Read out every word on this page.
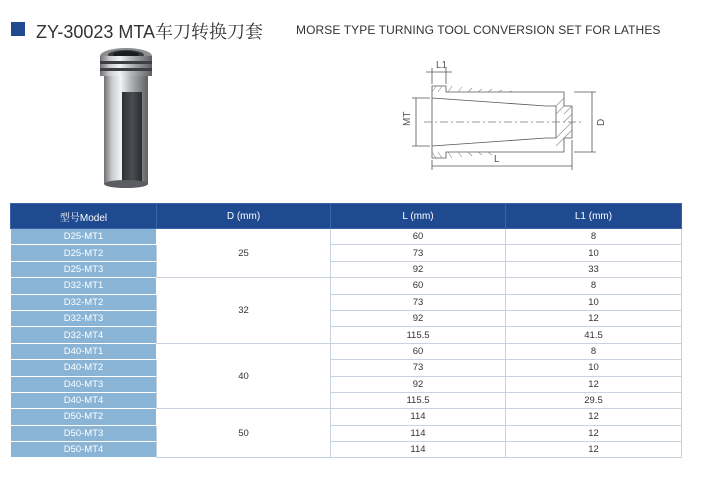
ZY-30023 MTA车刀转换刀套	MORSE TYPE TURNING TOOL CONVERSION SET FOR LATHES
L1
L
MT	D
型号Model	D (mm)	L (mm)	L1 (mm)
D25-MT1	25	60	8
D25-MT2		73	10
D25-MT3		92	33
D32-MT1	32	60	8
D32-MT2		73	10
D32-MT3		92	12
D32-MT4		115.5	41.5
D40-MT1	40	60	8
D40-MT2		73	10
D40-MT3		92	12
D40-MT4		115.5	29.5
D50-MT2	50	114	12
D50-MT3		114	12
D50-MT4		114	12
